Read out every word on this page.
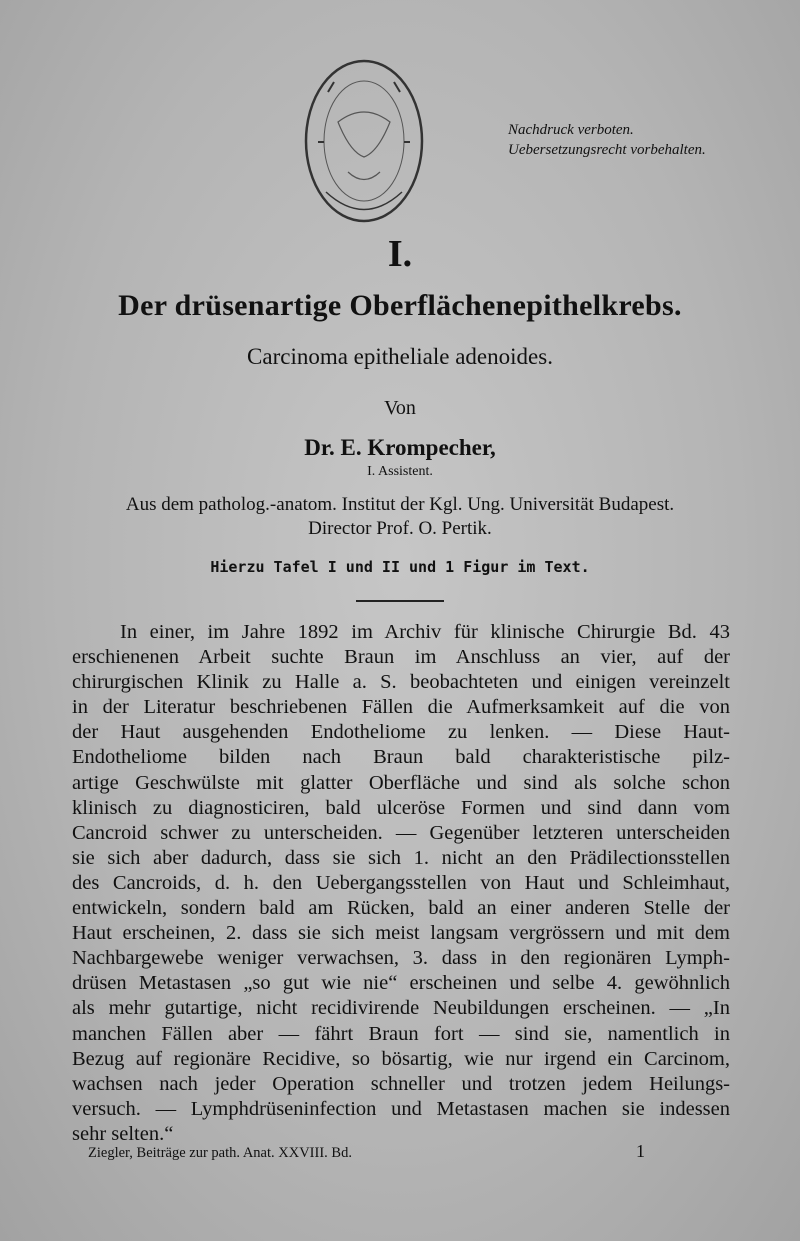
Nachdruck verboten.
Uebersetzungsrecht vorbehalten.
I.
Der drüsenartige Oberflächenepithelkrebs.
Carcinoma epitheliale adenoides.
Von
Dr. E. Krompecher,
I. Assistent.
Aus dem patholog.-anatom. Institut der Kgl. Ung. Universität Budapest.
Director Prof. O. Pertik.
Hierzu Tafel I und II und 1 Figur im Text.
In einer, im Jahre 1892 im Archiv für klinische Chirurgie Bd. 43
erschienenen Arbeit suchte Braun im Anschluss an vier, auf der
chirurgischen Klinik zu Halle a. S. beobachteten und einigen vereinzelt
in der Literatur beschriebenen Fällen die Aufmerksamkeit auf die von
der Haut ausgehenden Endotheliome zu lenken. — Diese Haut-
Endotheliome bilden nach Braun bald charakteristische pilz-
artige Geschwülste mit glatter Oberfläche und sind als solche schon
klinisch zu diagnosticiren, bald ulceröse Formen und sind dann vom
Cancroid schwer zu unterscheiden. — Gegenüber letzteren unterscheiden
sie sich aber dadurch, dass sie sich 1. nicht an den Prädilectionsstellen
des Cancroids, d. h. den Uebergangsstellen von Haut und Schleimhaut,
entwickeln, sondern bald am Rücken, bald an einer anderen Stelle der
Haut erscheinen, 2. dass sie sich meist langsam vergrössern und mit dem
Nachbargewebe weniger verwachsen, 3. dass in den regionären Lymph-
drüsen Metastasen „so gut wie nie“ erscheinen und selbe 4. gewöhnlich
als mehr gutartige, nicht recidivirende Neubildungen erscheinen. — „In
manchen Fällen aber — fährt Braun fort — sind sie, namentlich in
Bezug auf regionäre Recidive, so bösartig, wie nur irgend ein Carcinom,
wachsen nach jeder Operation schneller und trotzen jedem Heilungs-
versuch. — Lymphdrüseninfection und Metastasen machen sie indessen
sehr selten.“
Ziegler, Beiträge zur path. Anat. XXVIII. Bd.	1
